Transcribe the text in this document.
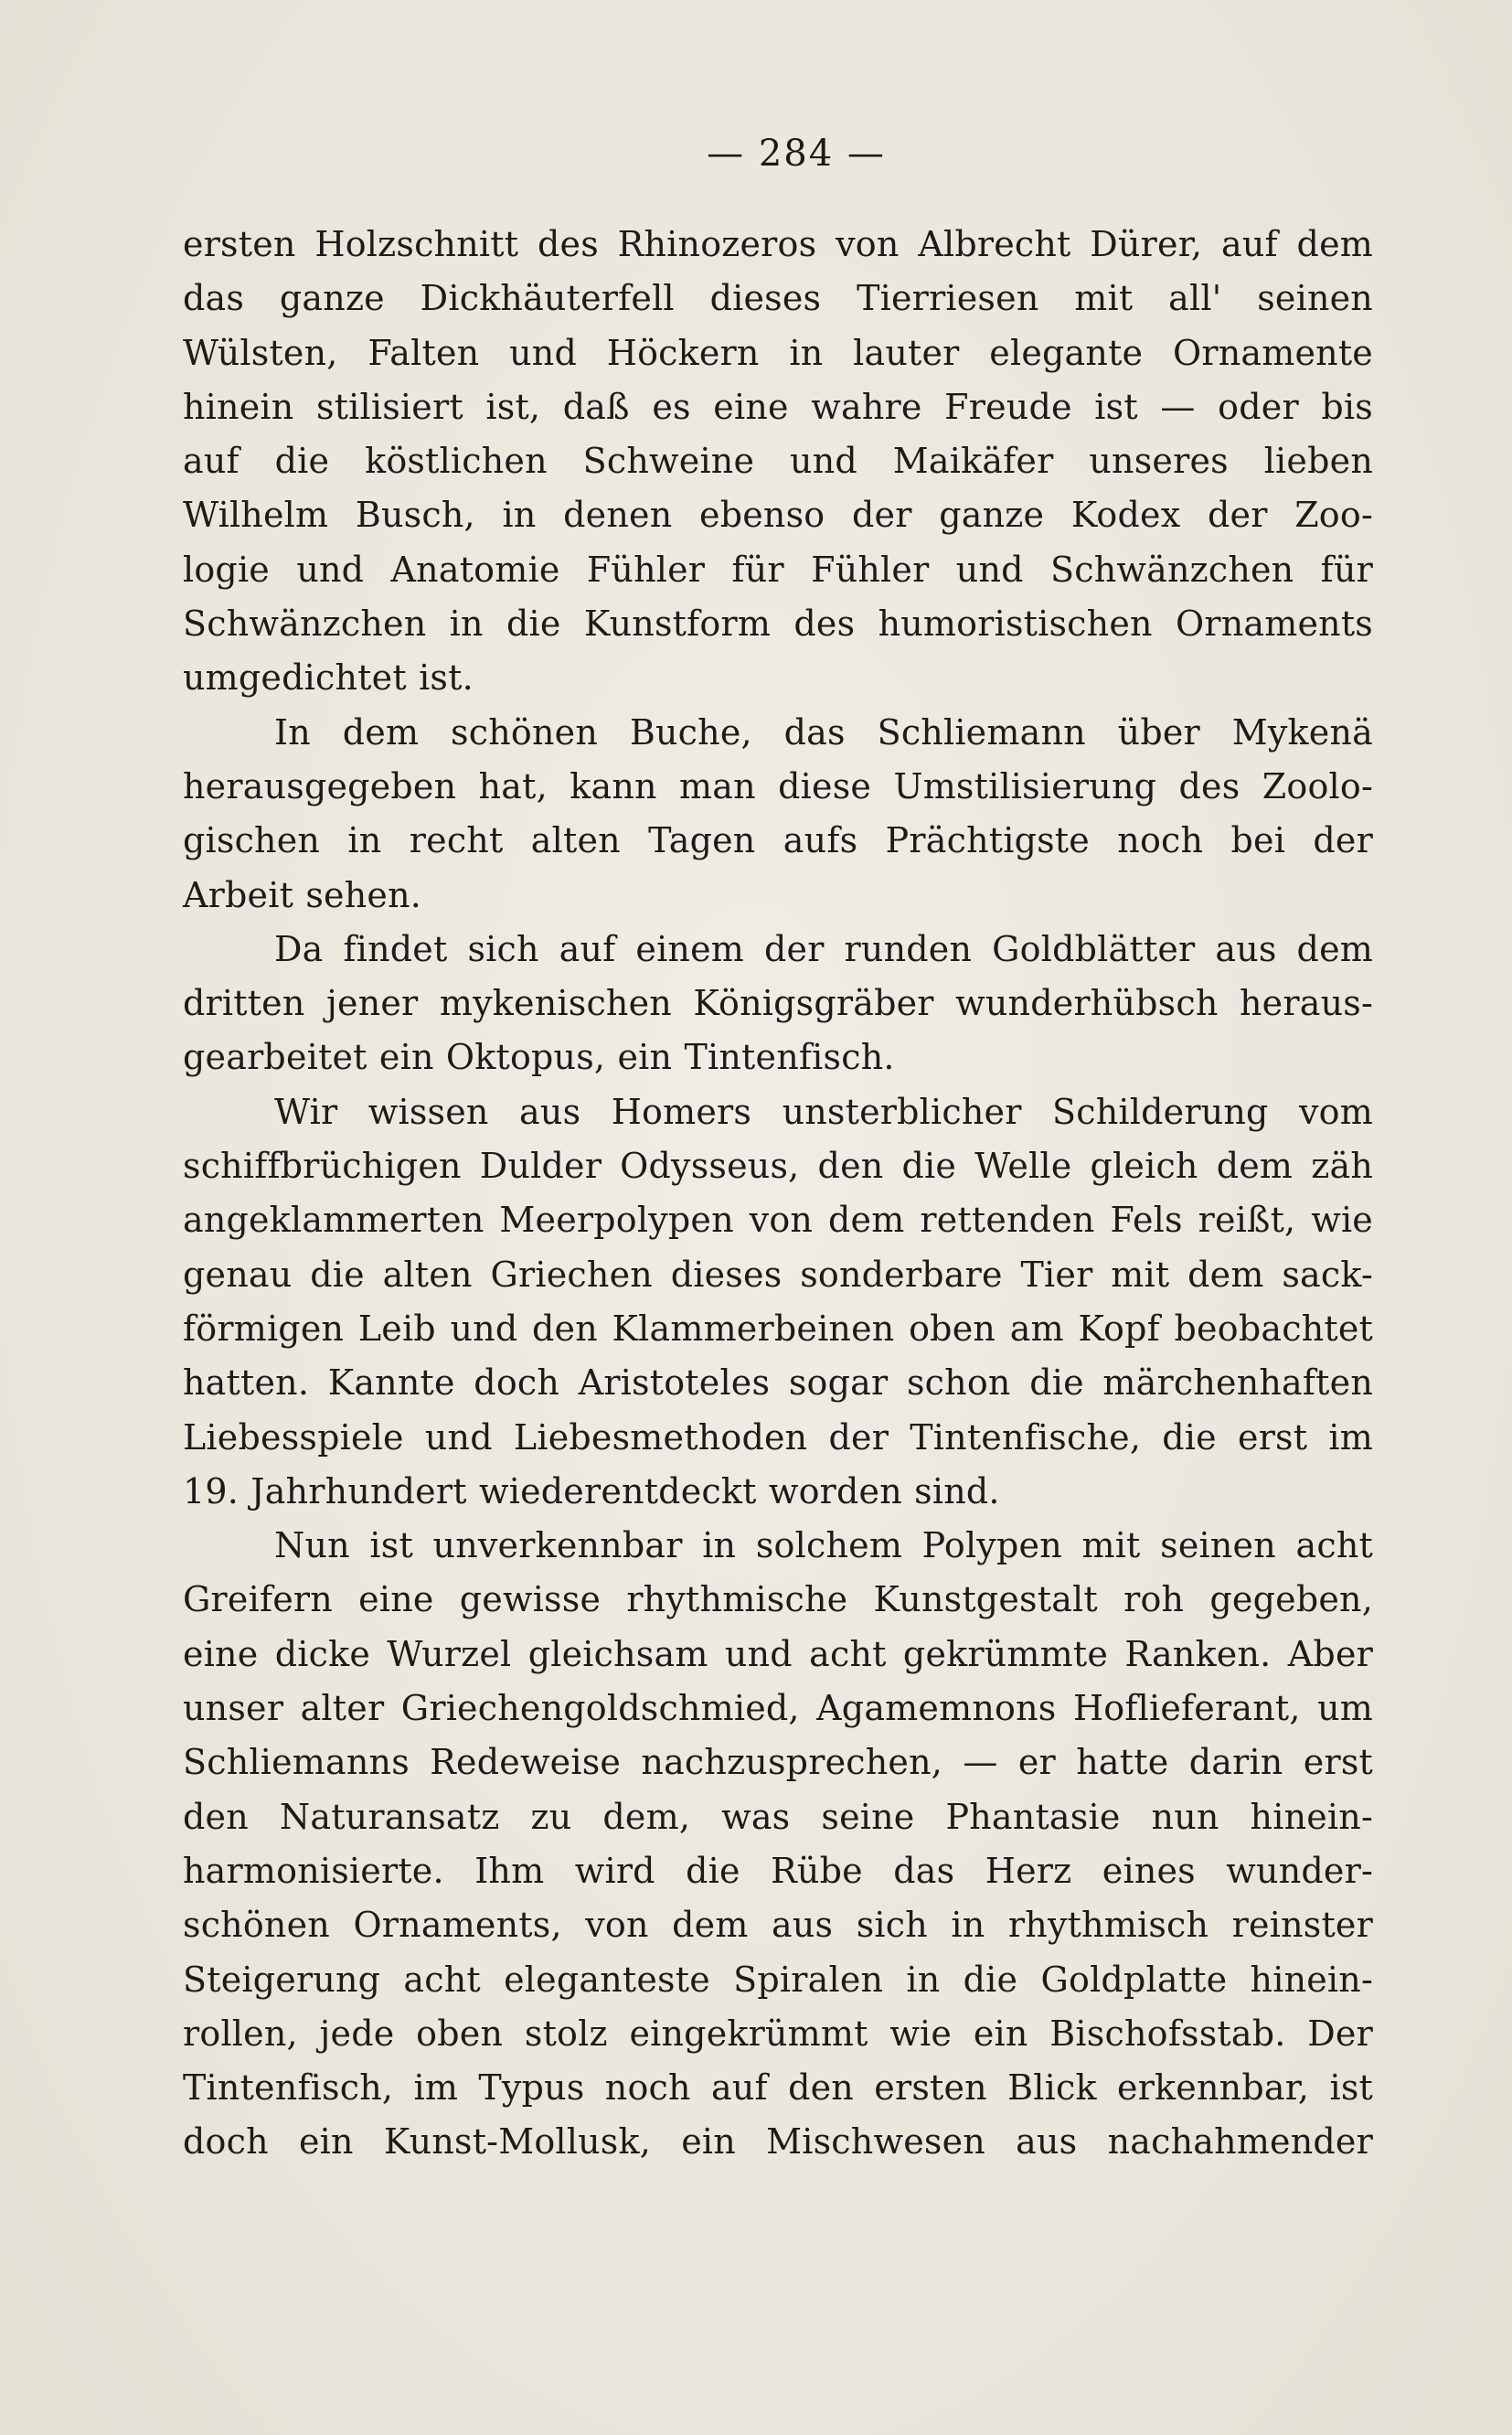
— 284 —
ersten Holzschnitt des Rhinozeros von Albrecht Dürer, auf dem
das ganze Dickhäuterfell dieses Tierriesen mit all' seinen
Wülsten, Falten und Höckern in lauter elegante Ornamente
hinein stilisiert ist, daß es eine wahre Freude ist — oder bis
auf die köstlichen Schweine und Maikäfer unseres lieben
Wilhelm Busch, in denen ebenso der ganze Kodex der Zoo-
logie und Anatomie Fühler für Fühler und Schwänzchen für
Schwänzchen in die Kunstform des humoristischen Ornaments
umgedichtet ist.
In dem schönen Buche, das Schliemann über Mykenä
herausgegeben hat, kann man diese Umstilisierung des Zoolo-
gischen in recht alten Tagen aufs Prächtigste noch bei der
Arbeit sehen.
Da findet sich auf einem der runden Goldblätter aus dem
dritten jener mykenischen Königsgräber wunderhübsch heraus-
gearbeitet ein Oktopus, ein Tintenfisch.
Wir wissen aus Homers unsterblicher Schilderung vom
schiffbrüchigen Dulder Odysseus, den die Welle gleich dem zäh
angeklammerten Meerpolypen von dem rettenden Fels reißt, wie
genau die alten Griechen dieses sonderbare Tier mit dem sack-
förmigen Leib und den Klammerbeinen oben am Kopf beobachtet
hatten. Kannte doch Aristoteles sogar schon die märchenhaften
Liebesspiele und Liebesmethoden der Tintenfische, die erst im
19. Jahrhundert wiederentdeckt worden sind.
Nun ist unverkennbar in solchem Polypen mit seinen acht
Greifern eine gewisse rhythmische Kunstgestalt roh gegeben,
eine dicke Wurzel gleichsam und acht gekrümmte Ranken. Aber
unser alter Griechengoldschmied, Agamemnons Hoflieferant, um
Schliemanns Redeweise nachzusprechen, — er hatte darin erst
den Naturansatz zu dem, was seine Phantasie nun hinein-
harmonisierte. Ihm wird die Rübe das Herz eines wunder-
schönen Ornaments, von dem aus sich in rhythmisch reinster
Steigerung acht eleganteste Spiralen in die Goldplatte hinein-
rollen, jede oben stolz eingekrümmt wie ein Bischofsstab. Der
Tintenfisch, im Typus noch auf den ersten Blick erkennbar, ist
doch ein Kunst-Mollusk, ein Mischwesen aus nachahmender
